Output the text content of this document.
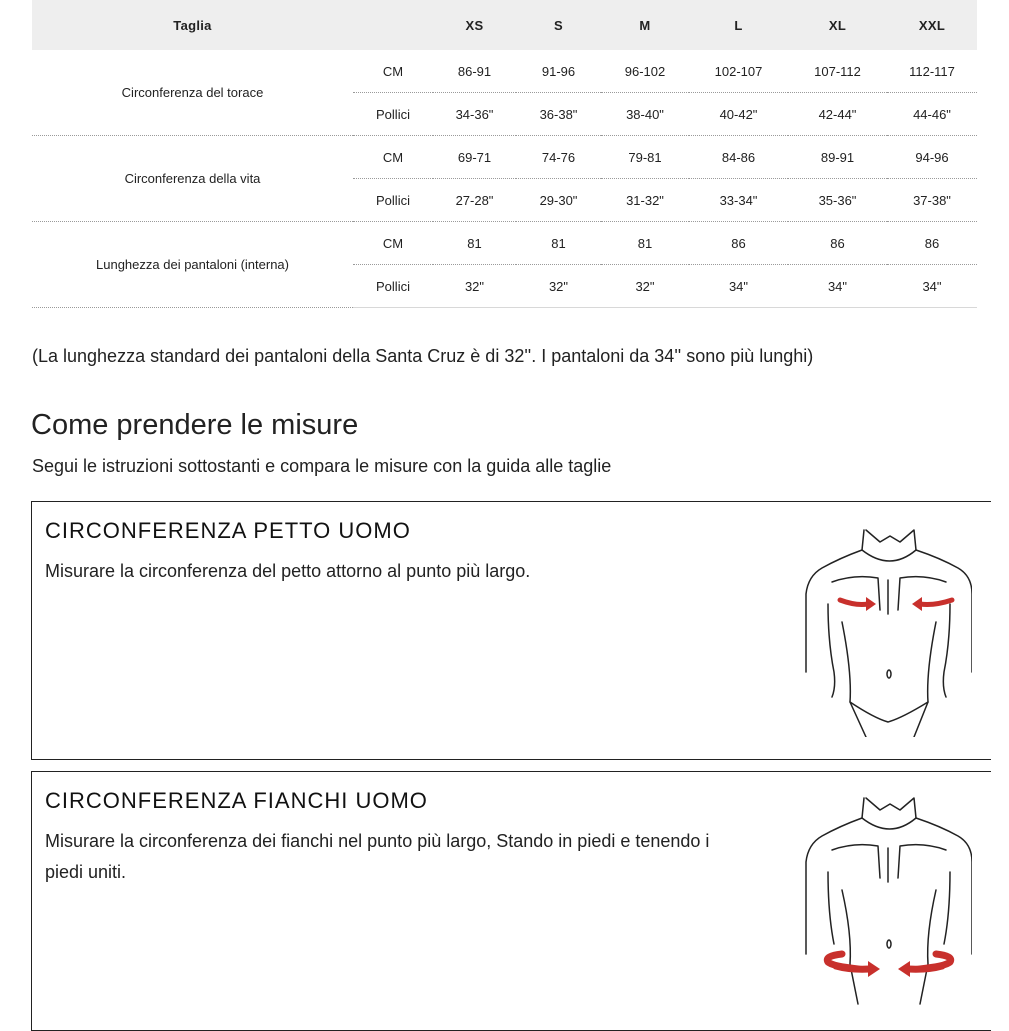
Taglia		XS	S	M	L	XL	XXL
Circonferenza del torace	CM	86-91	91-96	96-102	102-107	107-112	112-117
	Pollici	34-36"	36-38"	38-40"	40-42"	42-44"	44-46"
Circonferenza della vita	CM	69-71	74-76	79-81	84-86	89-91	94-96
	Pollici	27-28"	29-30"	31-32"	33-34"	35-36"	37-38"
Lunghezza dei pantaloni (interna)	CM	81	81	81	86	86	86
	Pollici	32"	32"	32"	34"	34"	34"
(La lunghezza standard dei pantaloni della Santa Cruz è di 32''. I pantaloni da 34'' sono più lunghi)
Come prendere le misure
Segui le istruzioni sottostanti e compara le misure con la guida alle taglie
CIRCONFERENZA PETTO UOMO
Misurare la circonferenza del petto attorno al punto più largo.
CIRCONFERENZA FIANCHI UOMO
Misurare la circonferenza dei fianchi nel punto più largo, Stando in piedi e tenendo i piedi uniti.
